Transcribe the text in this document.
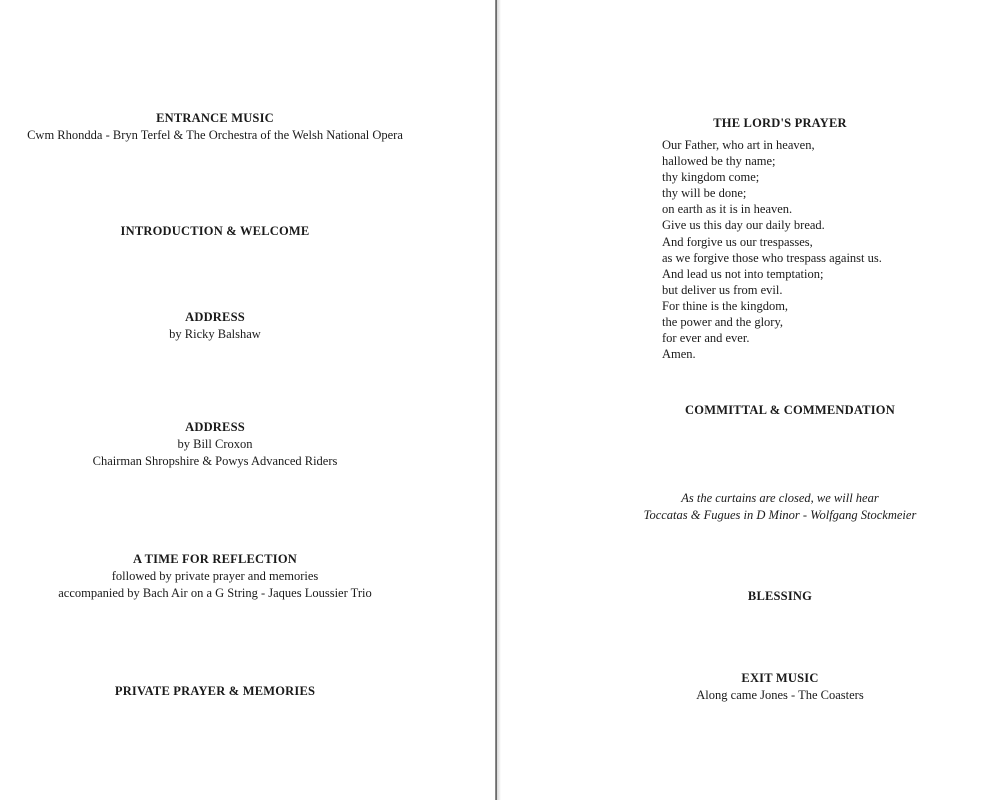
ENTRANCE MUSIC
Cwm Rhondda - Bryn Terfel & The Orchestra of the Welsh National Opera
INTRODUCTION & WELCOME
ADDRESS
by Ricky Balshaw
ADDRESS
by Bill Croxon
Chairman Shropshire & Powys Advanced Riders
A TIME FOR REFLECTION
followed by private prayer and memories
accompanied by Bach Air on a G String - Jaques Loussier Trio
PRIVATE PRAYER & MEMORIES
THE LORD'S PRAYER
Our Father, who art in heaven,
hallowed be thy name;
thy kingdom come;
thy will be done;
on earth as it is in heaven.
Give us this day our daily bread.
And forgive us our trespasses,
as we forgive those who trespass against us.
And lead us not into temptation;
but deliver us from evil.
For thine is the kingdom,
the power and the glory,
for ever and ever.
Amen.
COMMITTAL & COMMENDATION
As the curtains are closed, we will hear
Toccatas & Fugues in D Minor - Wolfgang Stockmeier
BLESSING
EXIT MUSIC
Along came Jones - The Coasters
